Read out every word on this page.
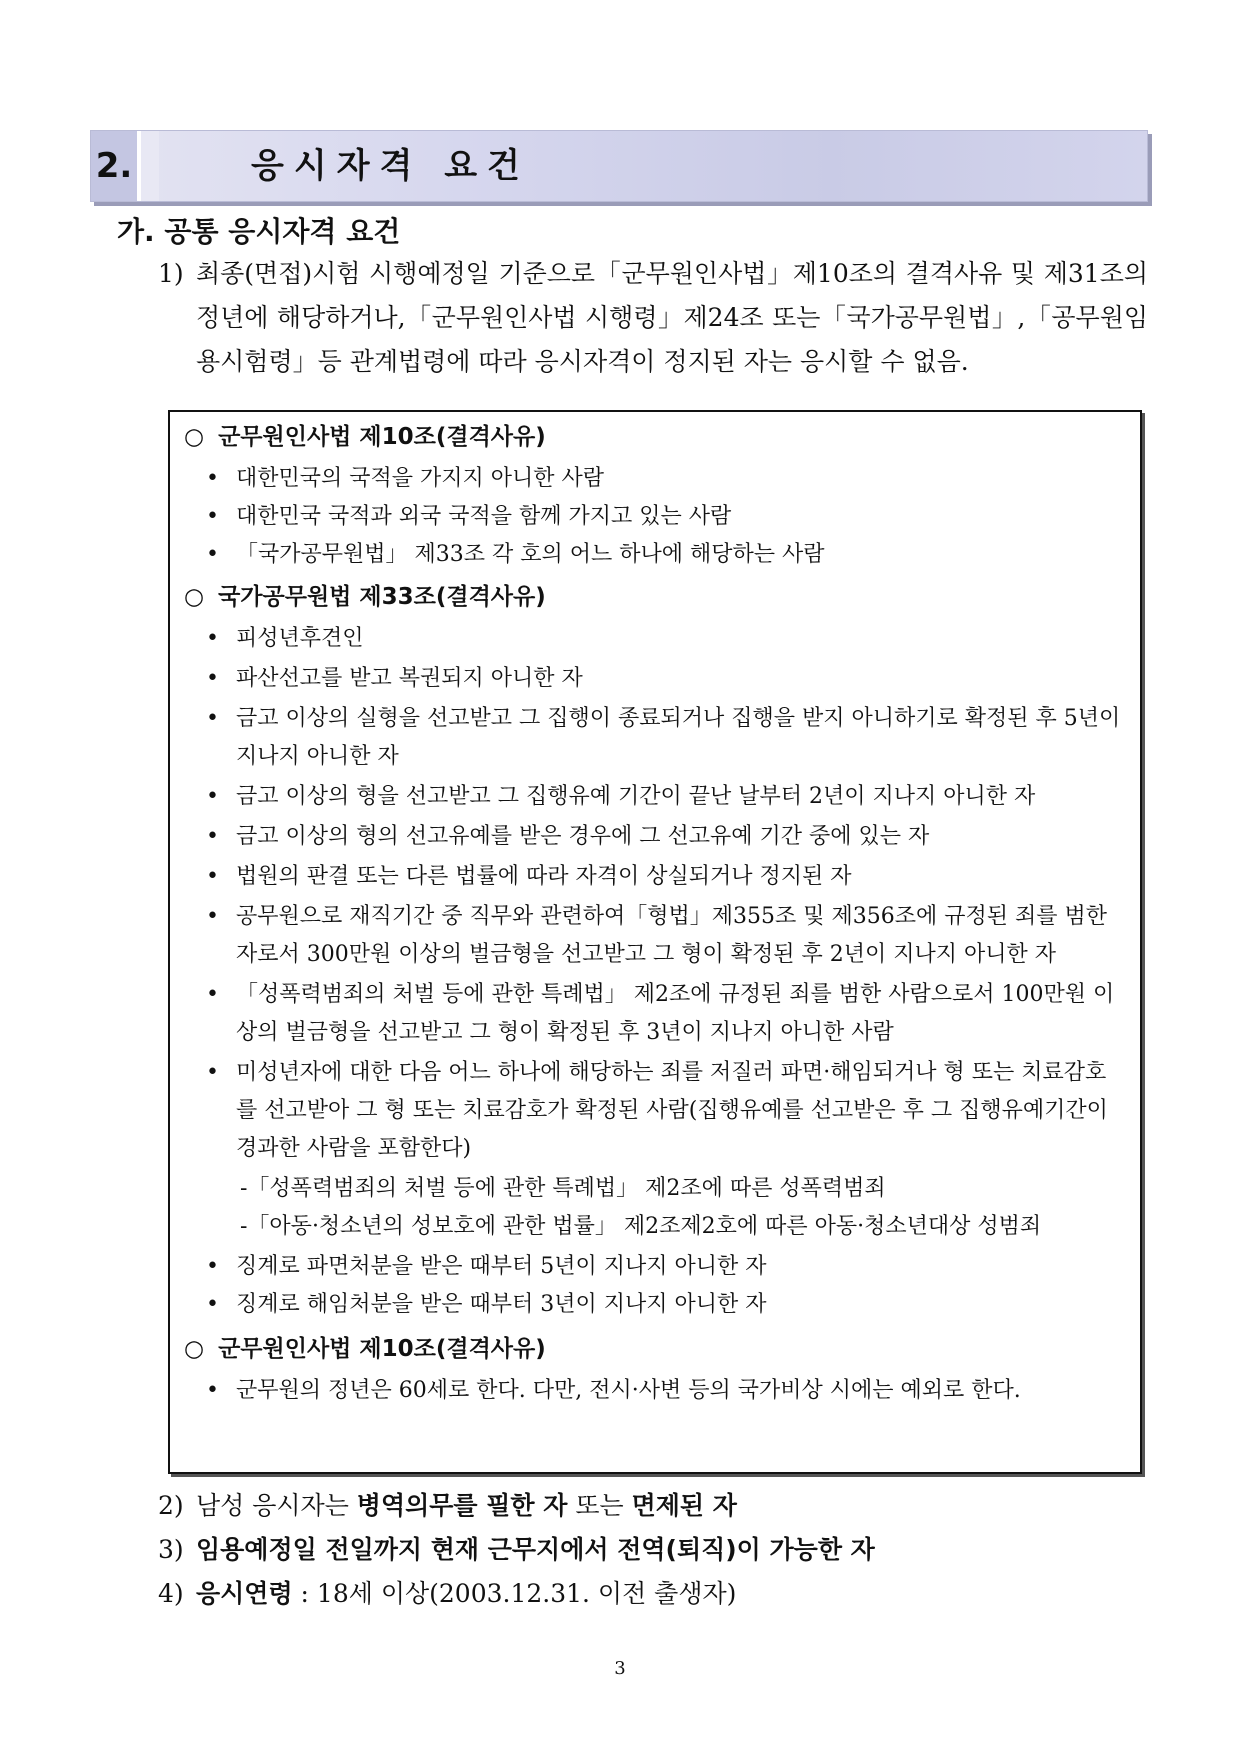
2.	응시자격 요건
가. 공통 응시자격 요건
1) 최종(면접)시험 시행예정일 기준으로「군무원인사법」제10조의 결격사유 및 제31조의 정년에 해당하거나,「군무원인사법 시행령」제24조 또는「국가공무원법」,「공무원임용시험령」등 관계법령에 따라 응시자격이 정지된 자는 응시할 수 없음.
○ 군무원인사법 제10조(결격사유)
• 대한민국의 국적을 가지지 아니한 사람
• 대한민국 국적과 외국 국적을 함께 가지고 있는 사람
• 「국가공무원법」 제33조 각 호의 어느 하나에 해당하는 사람
○ 국가공무원법 제33조(결격사유)
• 피성년후견인
• 파산선고를 받고 복권되지 아니한 자
• 금고 이상의 실형을 선고받고 그 집행이 종료되거나 집행을 받지 아니하기로 확정된 후 5년이 지나지 아니한 자
• 금고 이상의 형을 선고받고 그 집행유예 기간이 끝난 날부터 2년이 지나지 아니한 자
• 금고 이상의 형의 선고유예를 받은 경우에 그 선고유예 기간 중에 있는 자
• 법원의 판결 또는 다른 법률에 따라 자격이 상실되거나 정지된 자
• 공무원으로 재직기간 중 직무와 관련하여「형법」제355조 및 제356조에 규정된 죄를 범한 자로서 300만원 이상의 벌금형을 선고받고 그 형이 확정된 후 2년이 지나지 아니한 자
• 「성폭력범죄의 처벌 등에 관한 특례법」 제2조에 규정된 죄를 범한 사람으로서 100만원 이상의 벌금형을 선고받고 그 형이 확정된 후 3년이 지나지 아니한 사람
• 미성년자에 대한 다음 어느 하나에 해당하는 죄를 저질러 파면·해임되거나 형 또는 치료감호를 선고받아 그 형 또는 치료감호가 확정된 사람(집행유예를 선고받은 후 그 집행유예기간이 경과한 사람을 포함한다)
-「성폭력범죄의 처벌 등에 관한 특례법」 제2조에 따른 성폭력범죄
-「아동·청소년의 성보호에 관한 법률」 제2조제2호에 따른 아동·청소년대상 성범죄
• 징계로 파면처분을 받은 때부터 5년이 지나지 아니한 자
• 징계로 해임처분을 받은 때부터 3년이 지나지 아니한 자
○ 군무원인사법 제10조(결격사유)
• 군무원의 정년은 60세로 한다. 다만, 전시·사변 등의 국가비상 시에는 예외로 한다.
2) 남성 응시자는 병역의무를 필한 자 또는 면제된 자
3) 임용예정일 전일까지 현재 근무지에서 전역(퇴직)이 가능한 자
4) 응시연령 : 18세 이상(2003.12.31. 이전 출생자)
3
